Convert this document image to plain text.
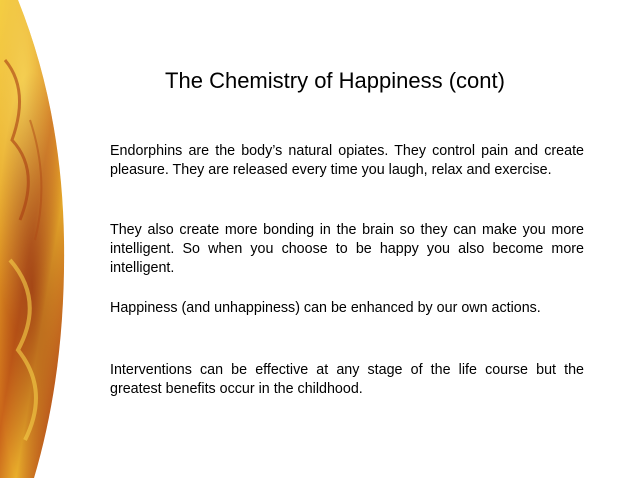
The Chemistry of Happiness (cont)

Endorphins are the body’s natural opiates. They control pain and create pleasure. They are released every time you laugh, relax and exercise.

They also create more bonding in the brain so they can make you more intelligent. So when you choose to be happy you also become more intelligent.

Happiness (and unhappiness) can be enhanced by our own actions.

Interventions can be effective at any stage of the life course but the greatest benefits occur in the childhood.
